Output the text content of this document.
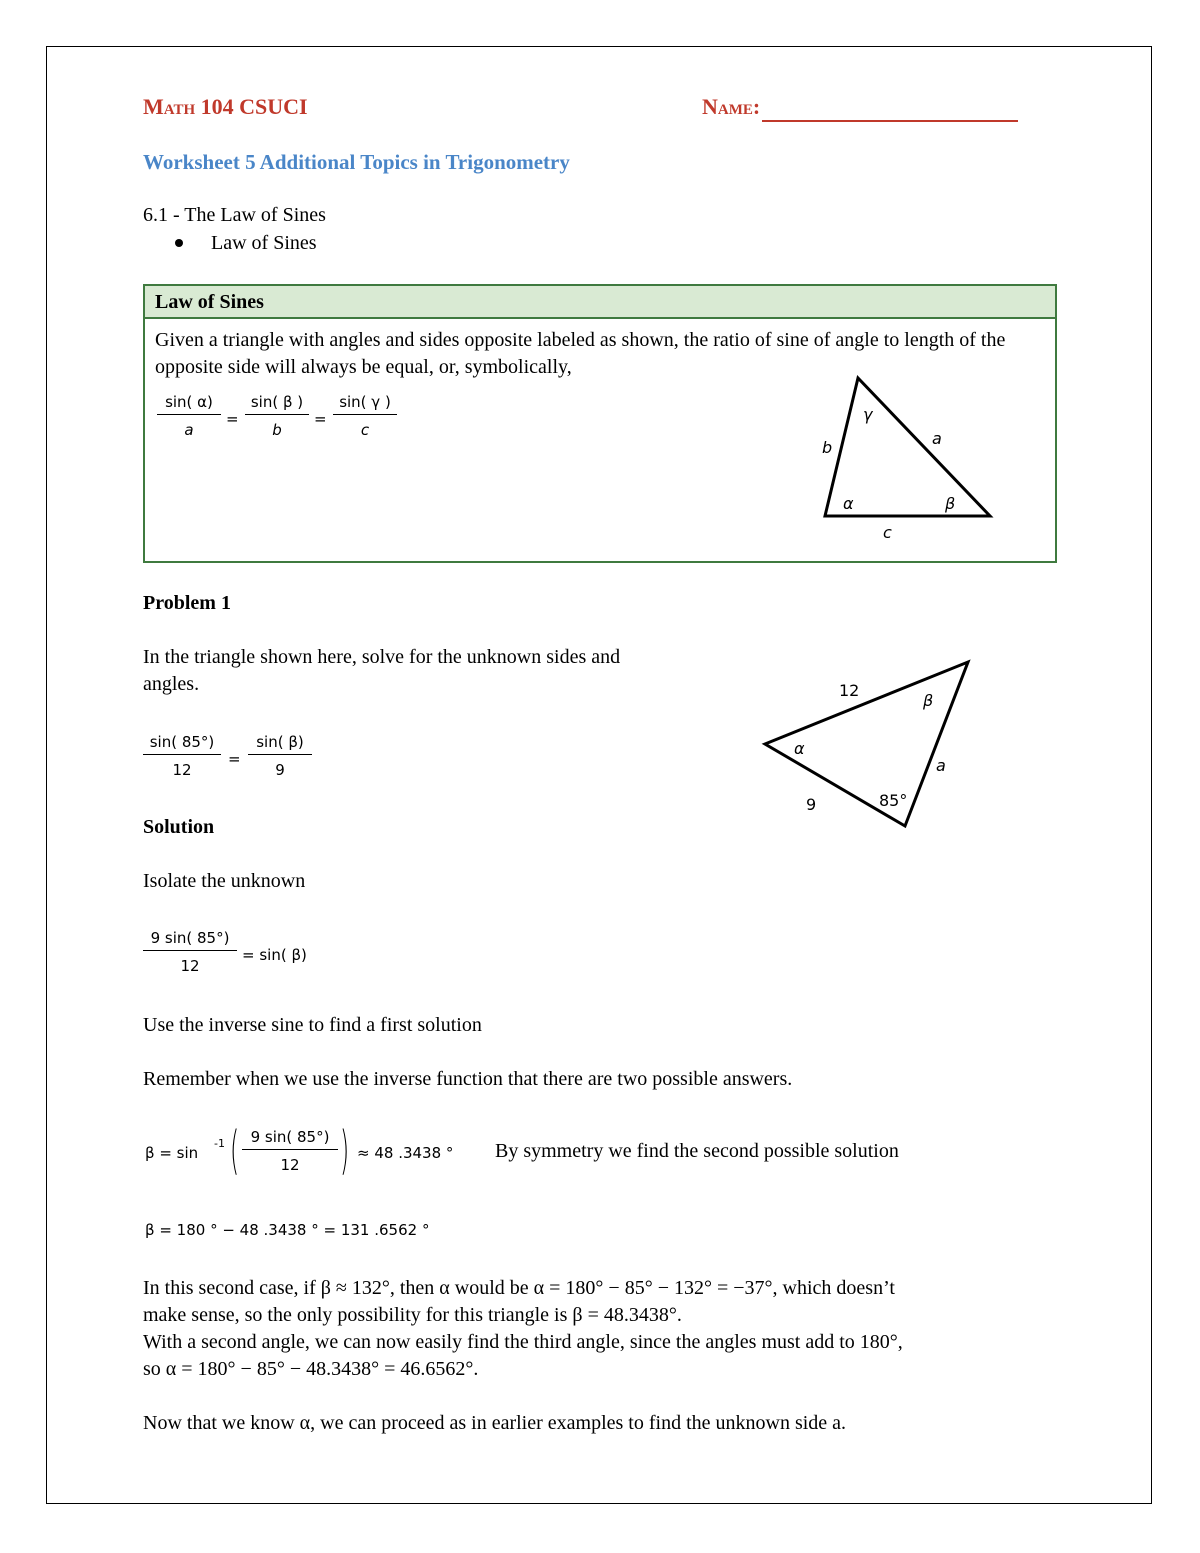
Math 104 CSUCI	Name:
Worksheet 5 Additional Topics in Trigonometry
6.1 - The Law of Sines
Law of Sines
Law of Sines
Given a triangle with angles and sides opposite labeled as shown, the ratio of sine of angle to length of the opposite side will always be equal, or, symbolically,
$\frac{\sin( \alpha)}{a} = \frac{\sin( \beta )}{b} = \frac{\sin( \gamma )}{c}$	γ
a
b
α	β
c
Problem 1
In the triangle shown here, solve for the unknown sides and
angles.
$\frac{\sin( 85^\circ)}{12} = \frac{\sin( \beta)}{9}$
12
β
α
a
9	85°
Solution
Isolate the unknown
$\frac{9 \sin( 85^\circ)}{12} = \sin$( β)
Use the inverse sine to find a first solution
Remember when we use the inverse function that there are two possible answers.
β = sin
-1 ( $\frac{9 \sin( 85^\circ)}{12}$ ) ≈ 48 .3438 ° By symmetry we find the second possible solution
β = 180 ° − 48 .3438 ° = 131 .6562 °
In this second case, if β ≈ 132°, then α would be α = 180° − 85° − 132° = −37°, which doesn’t
make sense, so the only possibility for this triangle is β = 48.3438°.
With a second angle, we can now easily find the third angle, since the angles must add to 180°,
so α = 180° − 85° − 48.3438° = 46.6562°.
Now that we know α, we can proceed as in earlier examples to find the unknown side a.
